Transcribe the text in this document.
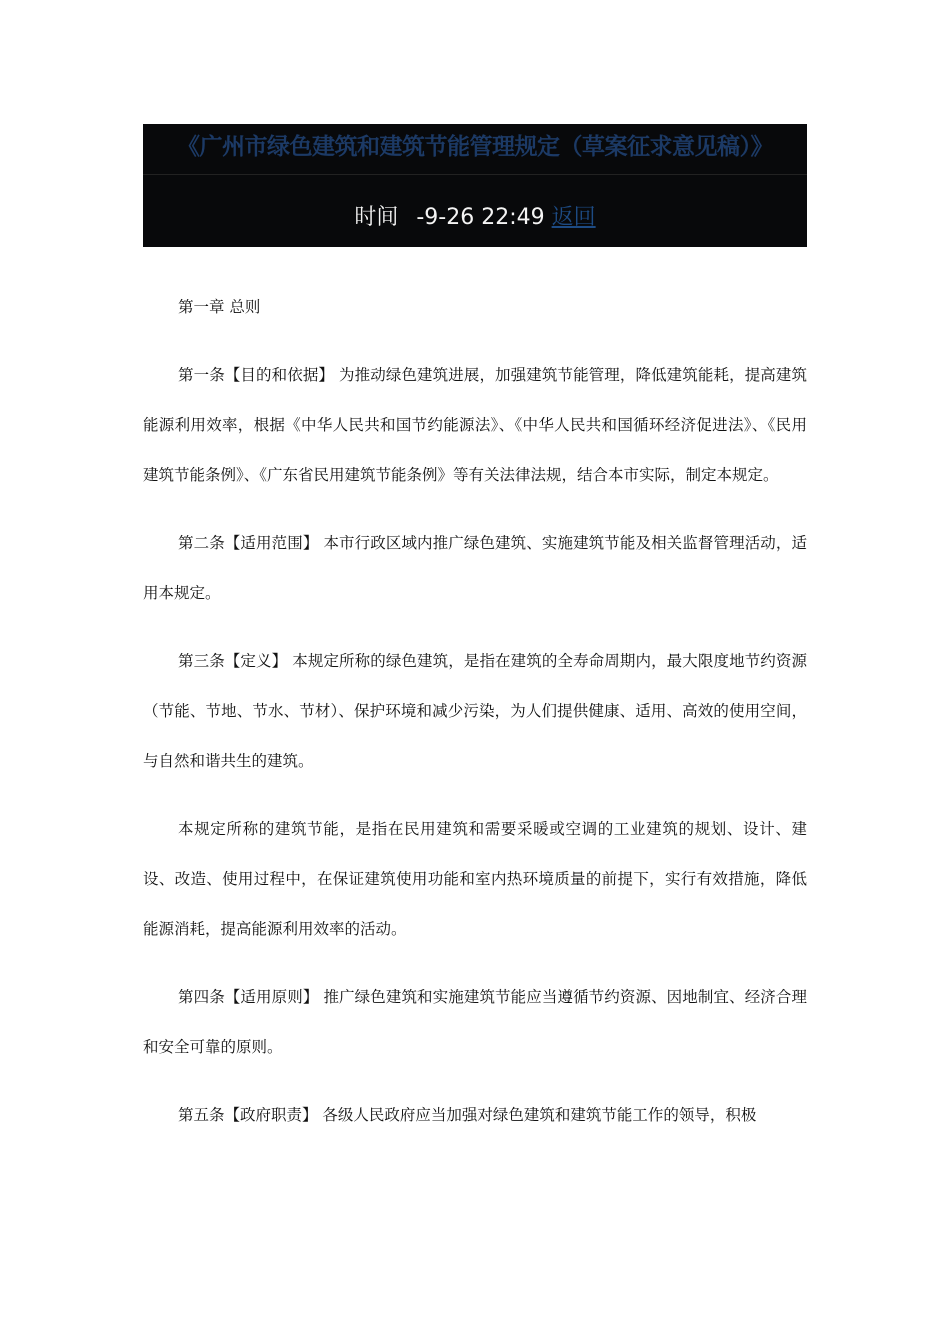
《广州市绿色建筑和建筑节能管理规定（草案征求意见稿）》
时间 -9-26 22:49 返回

第一章 总则

第一条【目的和依据】 为推动绿色建筑进展，加强建筑节能管理，降低建筑能耗，提高建筑能源利用效率，根据《中华人民共和国节约能源法》、《中华人民共和国循环经济促进法》、《民用建筑节能条例》、《广东省民用建筑节能条例》等有关法律法规，结合本市实际，制定本规定。

第二条【适用范围】 本市行政区域内推广绿色建筑、实施建筑节能及相关监督管理活动，适用本规定。

第三条【定义】 本规定所称的绿色建筑，是指在建筑的全寿命周期内，最大限度地节约资源（节能、节地、节水、节材）、保护环境和减少污染，为人们提供健康、适用、高效的使用空间，与自然和谐共生的建筑。

本规定所称的建筑节能，是指在民用建筑和需要采暖或空调的工业建筑的规划、设计、建设、改造、使用过程中，在保证建筑使用功能和室内热环境质量的前提下，实行有效措施，降低能源消耗，提高能源利用效率的活动。

第四条【适用原则】 推广绿色建筑和实施建筑节能应当遵循节约资源、因地制宜、经济合理和安全可靠的原则。

第五条【政府职责】 各级人民政府应当加强对绿色建筑和建筑节能工作的领导，积极
